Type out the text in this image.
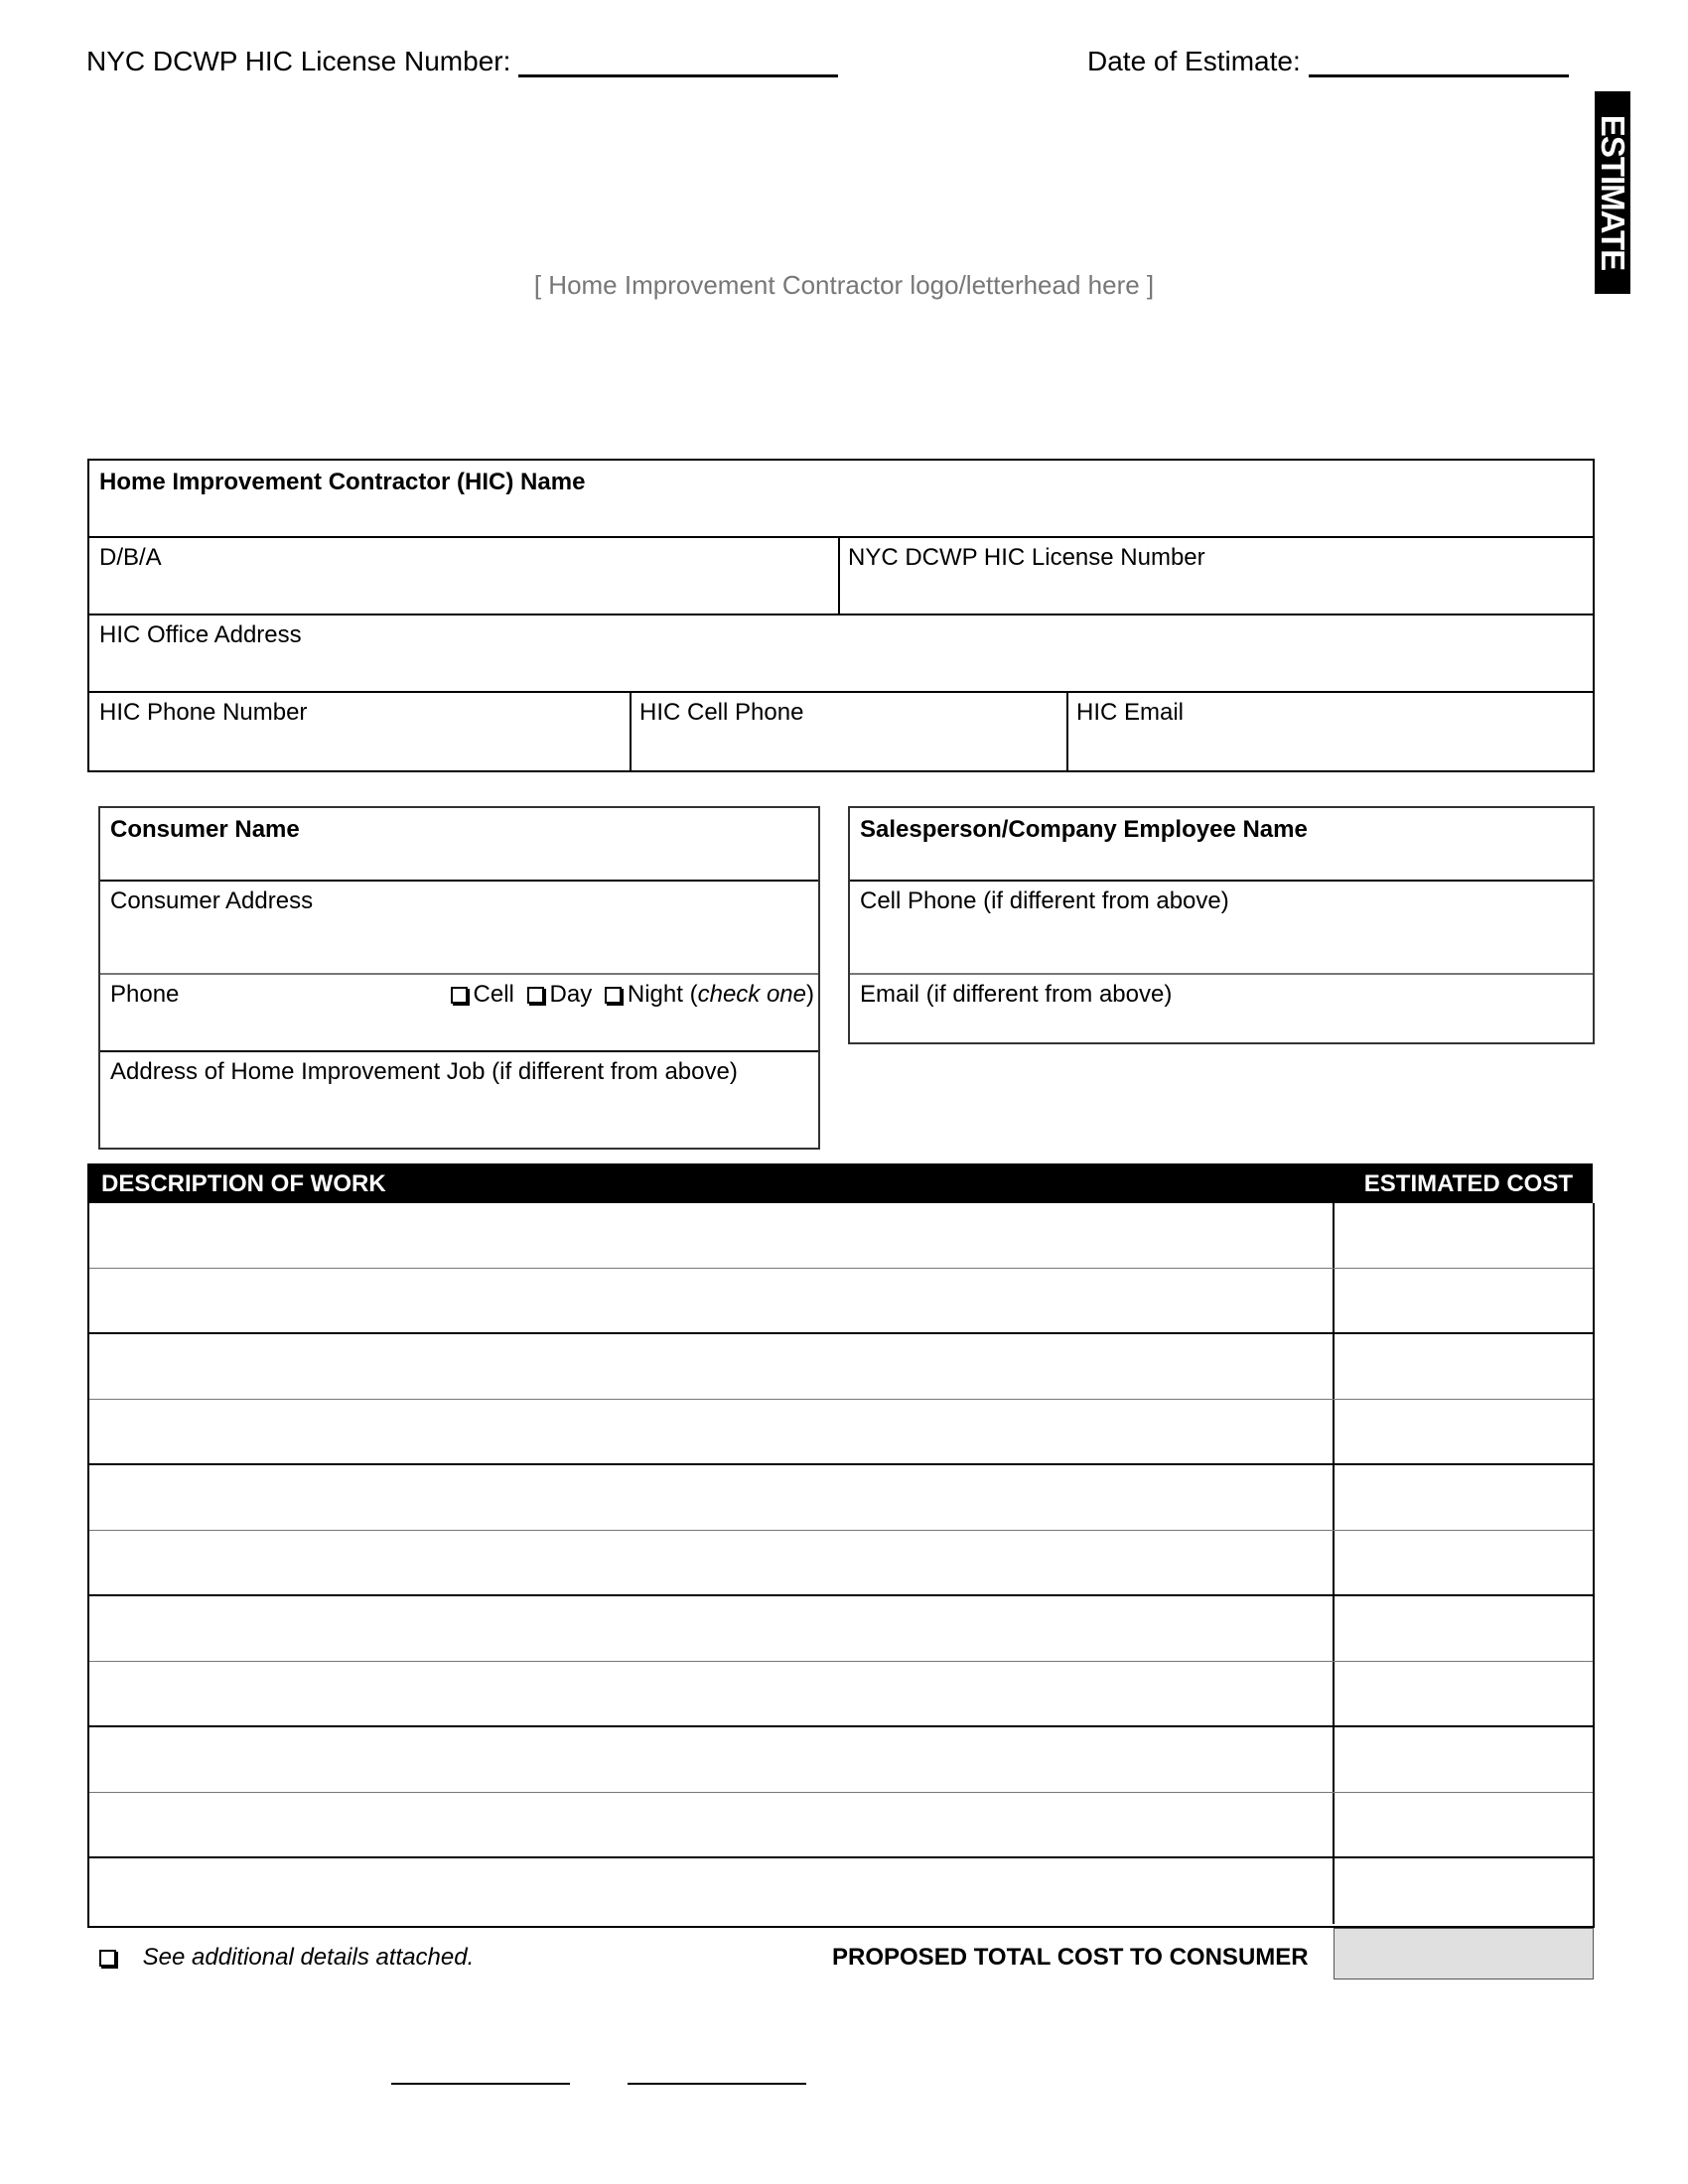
NYC DCWP HIC License Number:	Date of Estimate:
ESTIMATE
[ Home Improvement Contractor logo/letterhead here ]
Home Improvement Contractor (HIC) Name
D/B/A	NYC DCWP HIC License Number
HIC Office Address
HIC Phone Number	HIC Cell Phone	HIC Email
Consumer Name
Consumer Address
Phone	Cell Day Night (check one)
Address of Home Improvement Job (if different from above)
Salesperson/Company Employee Name
Cell Phone (if different from above)
Email (if different from above)
DESCRIPTION OF WORK	ESTIMATED COST
See additional details attached.	PROPOSED TOTAL COST TO CONSUMER
